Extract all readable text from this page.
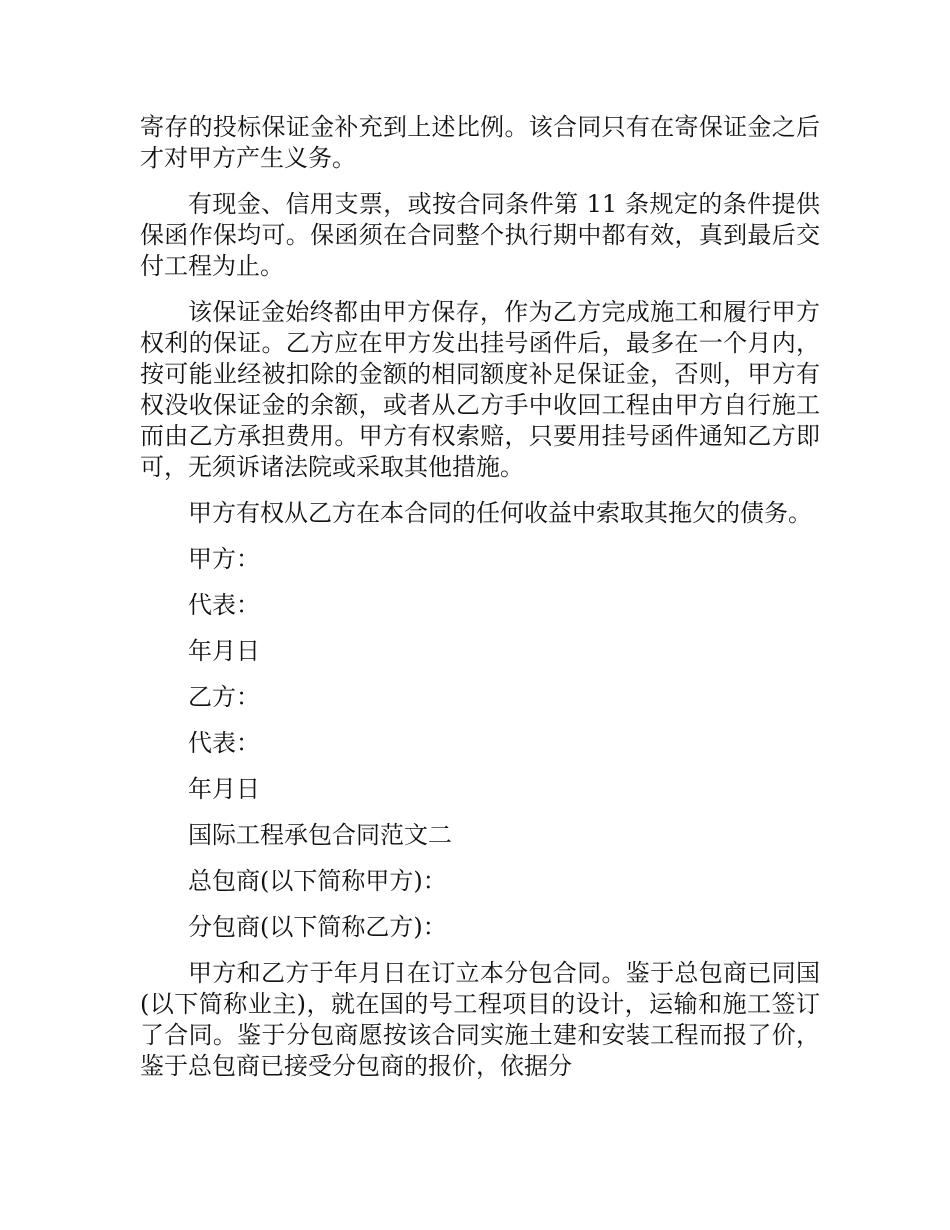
寄存的投标保证金补充到上述比例。该合同只有在寄保证金之后才对甲方产生义务。

有现金、信用支票，或按合同条件第 11 条规定的条件提供保函作保均可。保函须在合同整个执行期中都有效，真到最后交付工程为止。

该保证金始终都由甲方保存，作为乙方完成施工和履行甲方权利的保证。乙方应在甲方发出挂号函件后，最多在一个月内，按可能业经被扣除的金额的相同额度补足保证金，否则，甲方有权没收保证金的余额，或者从乙方手中收回工程由甲方自行施工而由乙方承担费用。甲方有权索赔，只要用挂号函件通知乙方即可，无须诉诸法院或采取其他措施。

甲方有权从乙方在本合同的任何收益中索取其拖欠的债务。

甲方：

代表：

年月日

乙方：

代表：

年月日

国际工程承包合同范文二

总包商(以下简称甲方)：

分包商(以下简称乙方)：

甲方和乙方于年月日在订立本分包合同。鉴于总包商已同国(以下简称业主)，就在国的号工程项目的设计，运输和施工签订了合同。鉴于分包商愿按该合同实施土建和安装工程而报了价，鉴于总包商已接受分包商的报价，依据分
